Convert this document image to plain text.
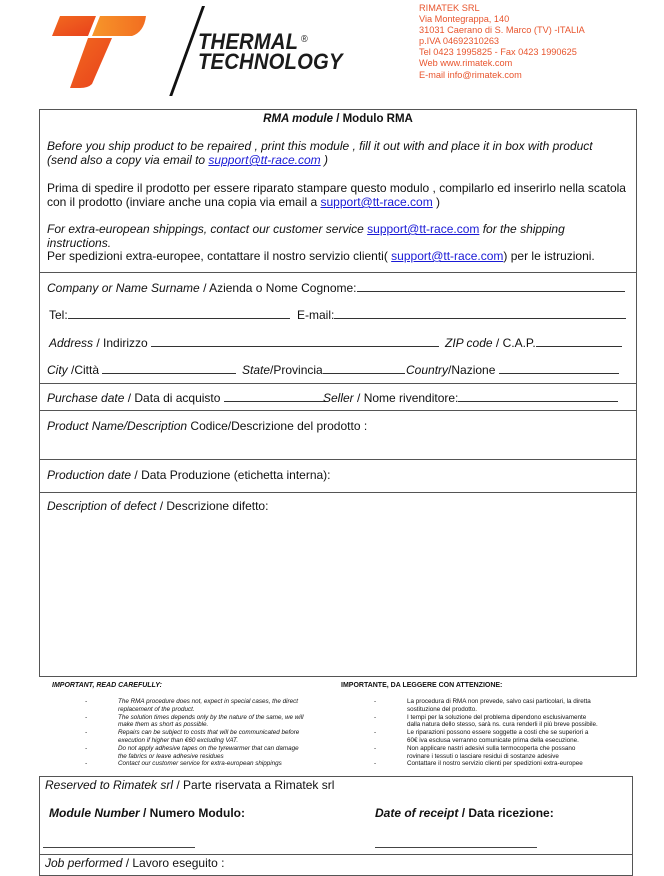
THERMAL ®
TECHNOLOGY
RIMATEK SRL
Via Montegrappa, 140
31031 Caerano di S. Marco (TV) -ITALIA
p.IVA 04692310263
Tel 0423 1995825 - Fax 0423 1990625
Web www.rimatek.com
E-mail info@rimatek.com
RMA module / Modulo RMA
Before you ship product to be repaired , print this module , fill it out with and place it in box with product
(send also a copy via email to support@tt-race.com )
Prima di spedire il prodotto per essere riparato stampare questo modulo , compilarlo ed inserirlo nella scatola
con il prodotto (inviare anche una copia via email a support@tt-race.com )
For extra-european shippings, contact our customer service support@tt-race.com for the shipping
instructions.
Per spedizioni extra-europee, contattare il nostro servizio clienti( support@tt-race.com) per le istruzioni.
Company or Name Surname / Azienda o Nome Cognome:
Tel:	E-mail:
Address / Indirizzo	ZIP code / C.A.P.
City /Città	State/Provincia	Country/Nazione
Purchase date / Data di acquisto	Seller / Nome rivenditore:
Product Name/Description Codice/Descrizione del prodotto :
Production date / Data Produzione (etichetta interna):
Description of defect / Descrizione difetto:
IMPORTANT, READ CAREFULLY:	IMPORTANTE, DA LEGGERE CON ATTENZIONE:
-	The RMA procedure does not, expect in special cases, the direct
replacement of the product.
-	The solution times depends only by the nature of the same, we will
make them as short as possible.
-	Repairs can be subject to costs that will be communicated before
execution if higher than €60 excluding VAT.
-	Do not apply adhesive tapes on the tyrewarmer that can damage
the fabrics or leave adhesive residues
-	Contact our customer service for extra-european shippings
-	La procedura di RMA non prevede, salvo casi particolari, la diretta
sostituzione del prodotto.
-	I tempi per la soluzione del problema dipendono esclusivamente
dalla natura dello stesso, sarà ns. cura renderli il più breve possibile.
-	Le riparazioni possono essere soggette a costi che se superiori a
60€ iva esclusa verranno comunicate prima della esecuzione.
-	Non applicare nastri adesivi sulla termocoperta che possano
rovinare i tessuti o lasciare residui di sostanze adesive
-	Contattare il nostro servizio clienti per spedizioni extra-europee
Reserved to Rimatek srl / Parte riservata a Rimatek srl
Module Number / Numero Modulo:	Date of receipt / Data ricezione:
Job performed / Lavoro eseguito :
